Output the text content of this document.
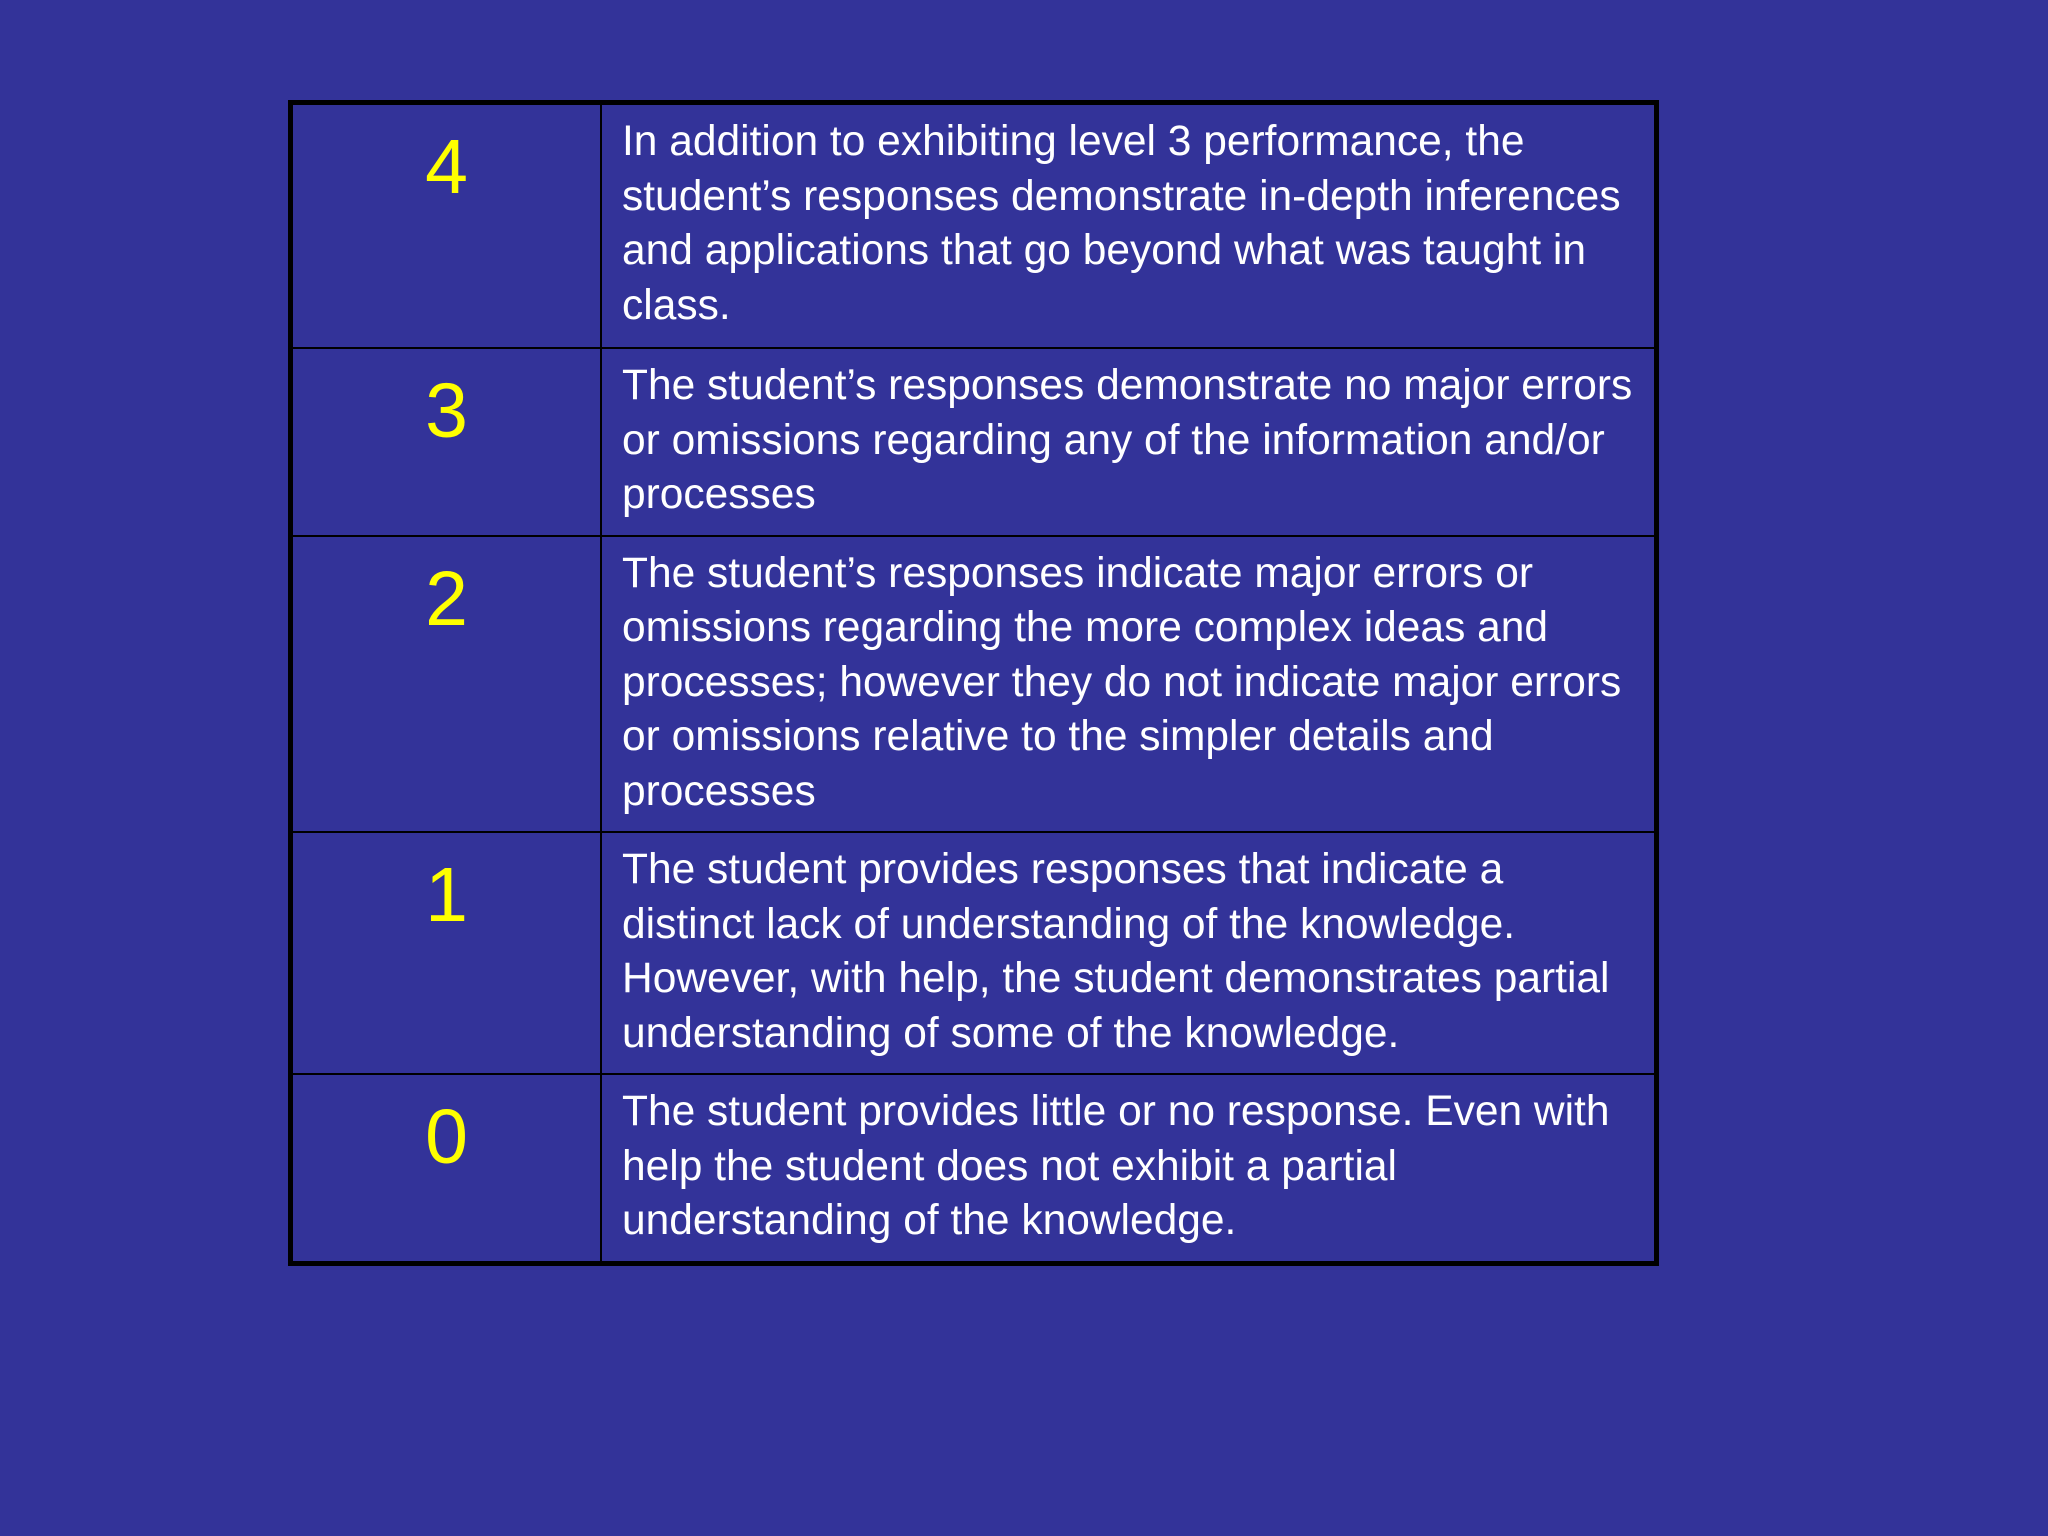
4	In addition to exhibiting level 3 performance, the student’s responses demonstrate in-depth inferences and applications that go beyond what was taught in class.

3	The student’s responses demonstrate no major errors or omissions regarding any of the information and/or processes

2	The student’s responses indicate major errors or omissions regarding the more complex ideas and processes; however they do not indicate major errors or omissions relative to the simpler details and processes

1	The student provides responses that indicate a distinct lack of understanding of the knowledge. However, with help, the student demonstrates partial understanding of some of the knowledge.

0	The student provides little or no response. Even with help the student does not exhibit a partial understanding of the knowledge.
